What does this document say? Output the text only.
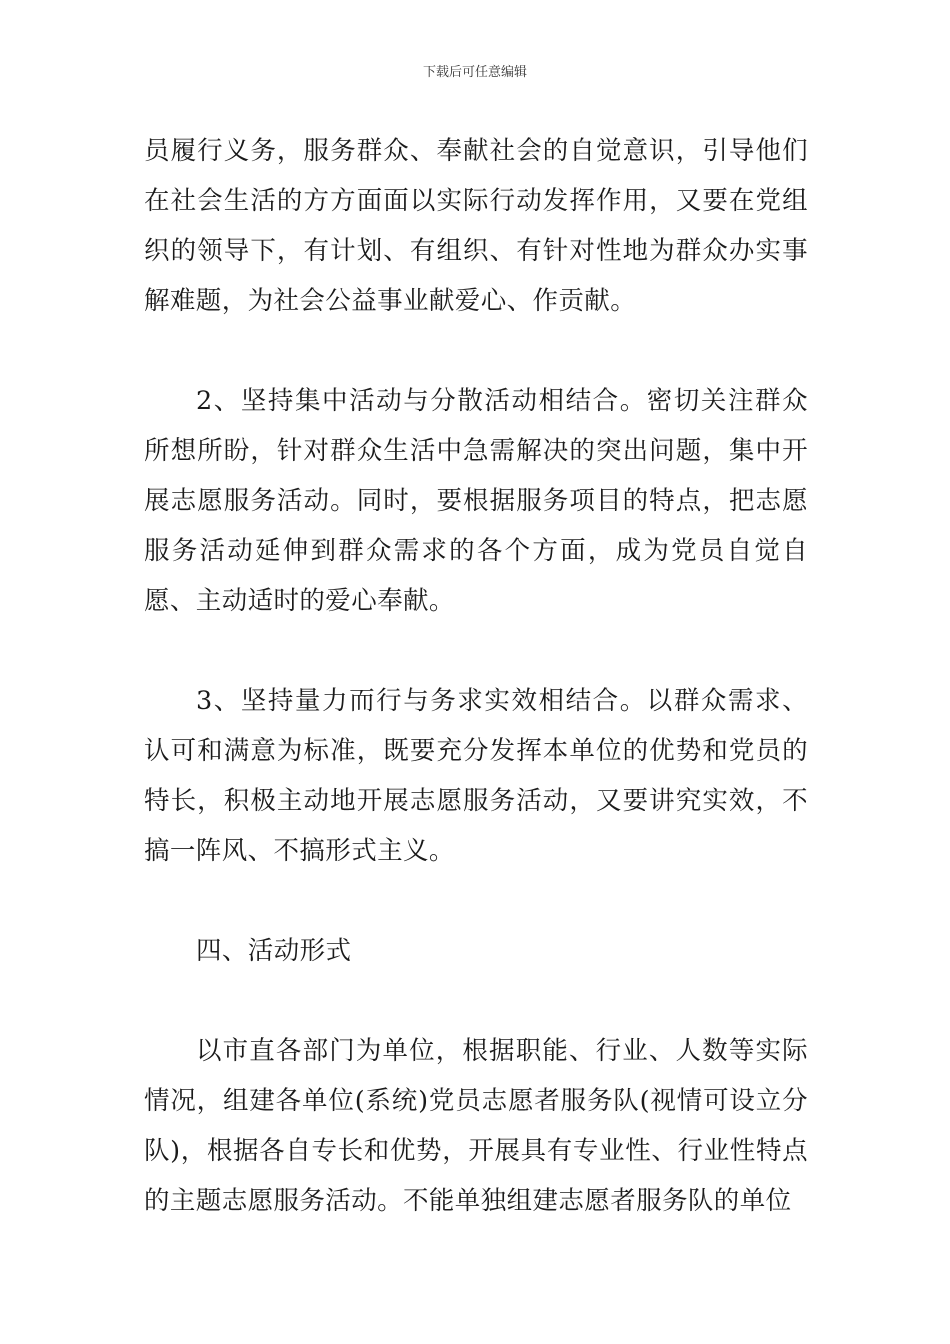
下载后可任意编辑

员履行义务，服务群众、奉献社会的自觉意识，引导他们在社会生活的方方面面以实际行动发挥作用，又要在党组织的领导下，有计划、有组织、有针对性地为群众办实事解难题，为社会公益事业献爱心、作贡献。

2、坚持集中活动与分散活动相结合。密切关注群众所想所盼，针对群众生活中急需解决的突出问题，集中开展志愿服务活动。同时，要根据服务项目的特点，把志愿服务活动延伸到群众需求的各个方面，成为党员自觉自愿、主动适时的爱心奉献。

3、坚持量力而行与务求实效相结合。以群众需求、认可和满意为标准，既要充分发挥本单位的优势和党员的特长，积极主动地开展志愿服务活动，又要讲究实效，不搞一阵风、不搞形式主义。

四、活动形式

以市直各部门为单位，根据职能、行业、人数等实际情况，组建各单位(系统)党员志愿者服务队(视情可设立分队)，根据各自专长和优势，开展具有专业性、行业性特点的主题志愿服务活动。不能单独组建志愿者服务队的单位
